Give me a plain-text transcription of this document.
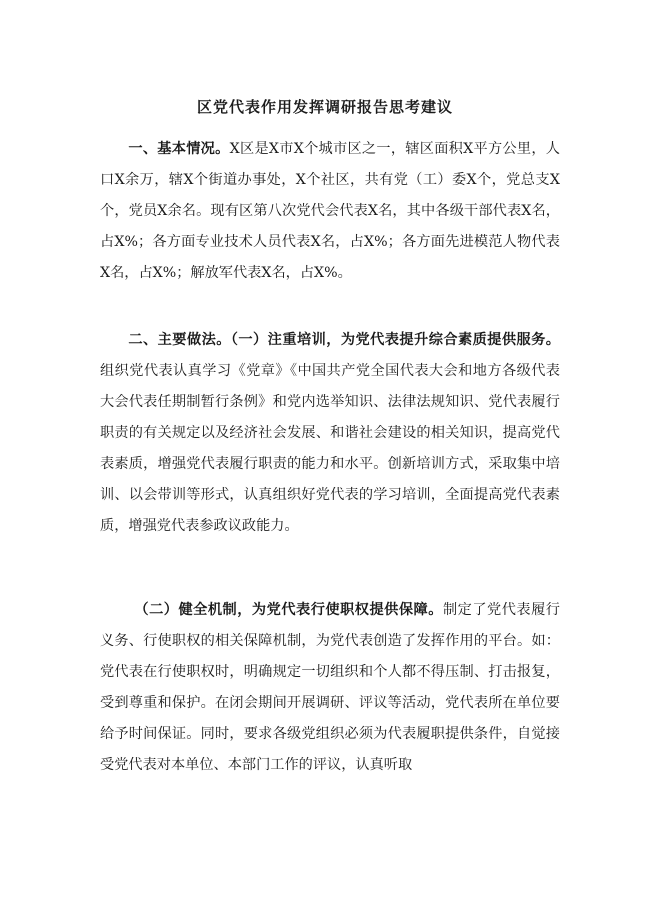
区党代表作用发挥调研报告思考建议

一、基本情况。X区是X市X个城市区之一，辖区面积X平方公里，人口X余万，辖X个街道办事处，X个社区，共有党（工）委X个，党总支X个，党员X余名。现有区第八次党代会代表X名，其中各级干部代表X名，占X%；各方面专业技术人员代表X名，占X%；各方面先进模范人物代表X名，占X%；解放军代表X名，占X%。

二、主要做法。（一）注重培训，为党代表提升综合素质提供服务。组织党代表认真学习《党章》《中国共产党全国代表大会和地方各级代表大会代表任期制暂行条例》和党内选举知识、法律法规知识、党代表履行职责的有关规定以及经济社会发展、和谐社会建设的相关知识，提高党代表素质，增强党代表履行职责的能力和水平。创新培训方式，采取集中培训、以会带训等形式，认真组织好党代表的学习培训，全面提高党代表素质，增强党代表参政议政能力。

（二）健全机制，为党代表行使职权提供保障。制定了党代表履行义务、行使职权的相关保障机制，为党代表创造了发挥作用的平台。如：党代表在行使职权时，明确规定一切组织和个人都不得压制、打击报复，受到尊重和保护。在闭会期间开展调研、评议等活动，党代表所在单位要给予时间保证。同时，要求各级党组织必须为代表履职提供条件，自觉接受党代表对本单位、本部门工作的评议，认真听取
